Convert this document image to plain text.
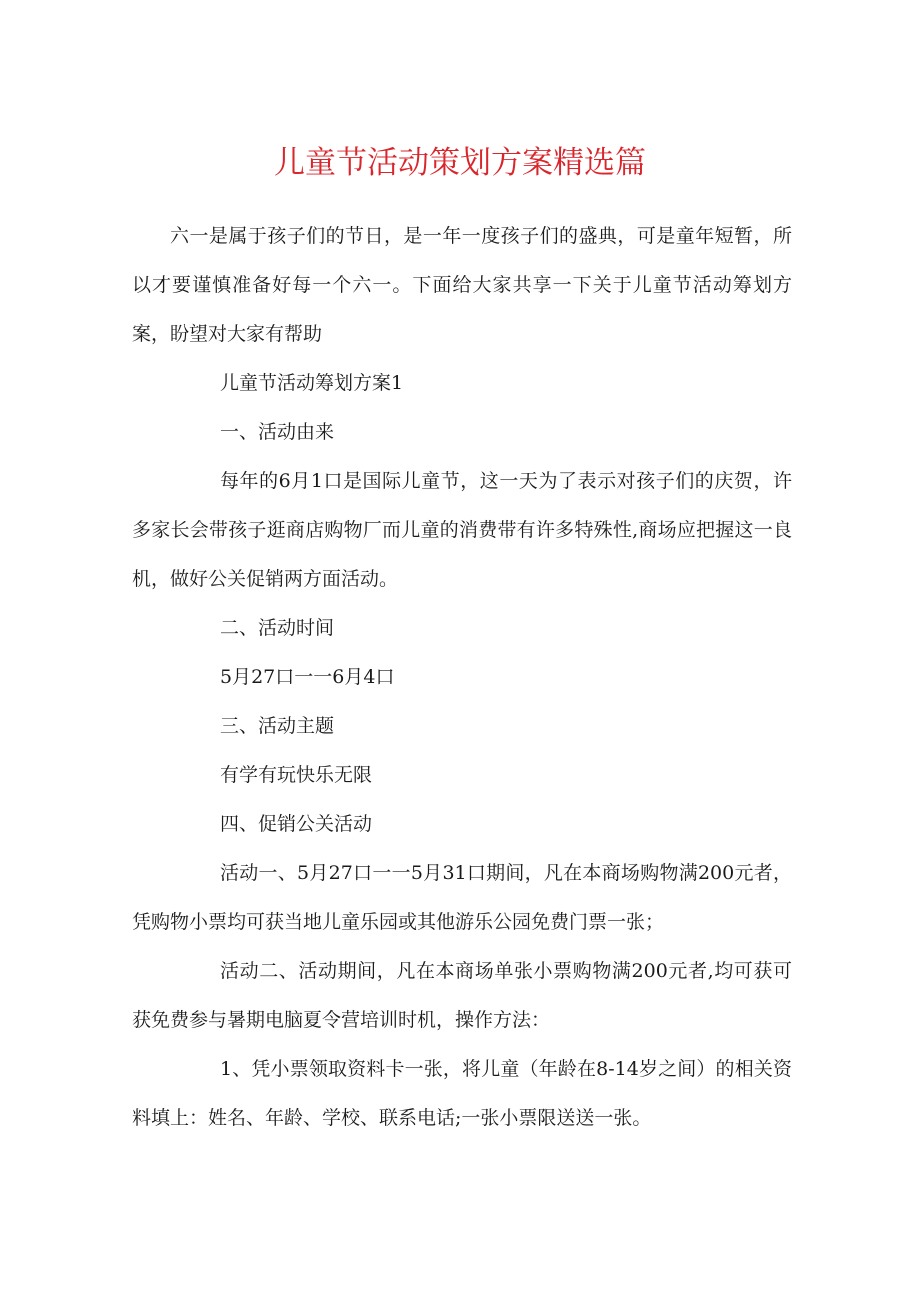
儿童节活动策划方案精选篇

六一是属于孩子们的节日，是一年一度孩子们的盛典，可是童年短暂，所以才要谨慎准备好每一个六一。下面给大家共享一下关于儿童节活动筹划方案，盼望对大家有帮助

儿童节活动筹划方案1

一、活动由来

每年的6月1口是国际儿童节，这一天为了表示对孩子们的庆贺，许多家长会带孩子逛商店购物厂而儿童的消费带有许多特殊性,商场应把握这一良机，做好公关促销两方面活动。

二、活动时间

5月27口一一6月4口

三、活动主题

有学有玩快乐无限

四、促销公关活动

活动一、5月27口一一5月31口期间，凡在本商场购物满200元者，凭购物小票均可获当地儿童乐园或其他游乐公园免费门票一张；

活动二、活动期间，凡在本商场单张小票购物满200元者,均可获可获免费参与暑期电脑夏令营培训时机，操作方法：

1、凭小票领取资料卡一张，将儿童（年龄在8-14岁之间）的相关资料填上：姓名、年龄、学校、联系电话;一张小票限送送一张。
